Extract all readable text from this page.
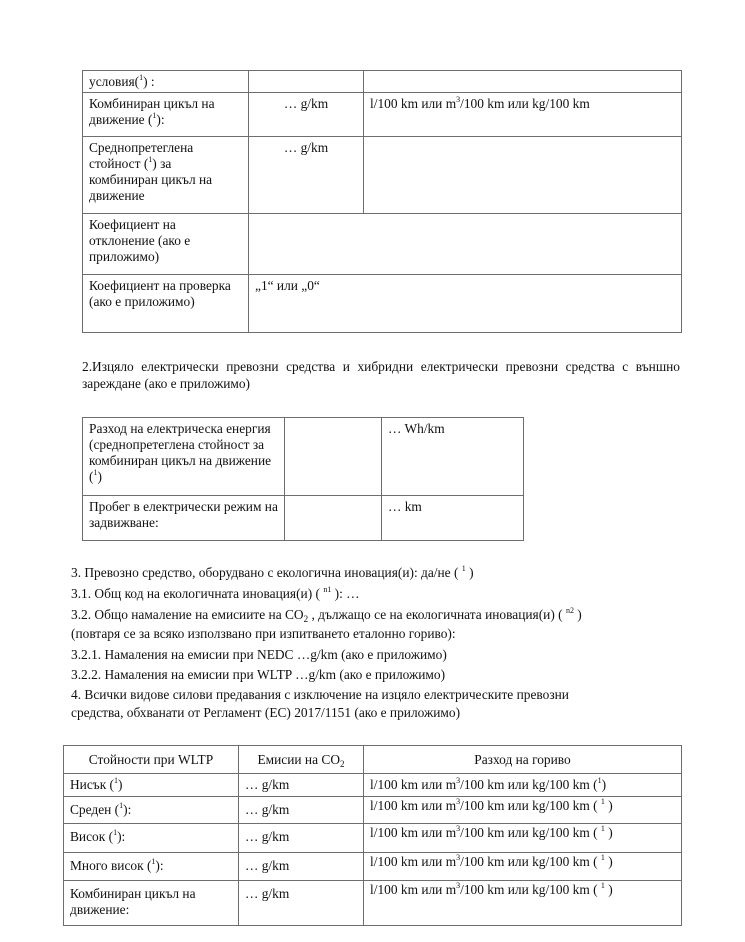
условия($^1$) :		
Комбиниран цикъл на движение ($^1$):	… g/km	l/100 km или $m^3/100$ km или kg/100 km
Среднопретеглена стойност ($^1$) за комбиниран цикъл на движение	… g/km	
Коефициент на отклонение (ако е приложимо)		
Коефициент на проверка (ако е приложимо)	„1“ или „0“	
2.Изцяло електрически превозни средства и хибридни електрически превозни средства с външно зареждане (ако е приложимо)
Разход на електрическа енергия (среднопретеглена стойност за комбиниран цикъл на движение ($^1$)		… Wh/km
Пробег в електрически режим на задвижване:		… km
3. Превозно средство, оборудвано с екологична иновация(и): да/не ( $^1$ )
3.1. Общ код на екологичната иновация(и) ( $^{n1}$ ): …
3.2. Общо намаление на емисиите на $CO_2$ , дължащо се на екологичната иновация(и) ( $^{n2}$ )
(повтаря се за всяко използвано при изпитването еталонно гориво):
3.2.1. Намаления на емисии при NEDC …g/km (ако е приложимо)
3.2.2. Намаления на емисии при WLTP …g/km (ако е приложимо)
4. Всички видове силови предавания с изключение на изцяло електрическите превозни
средства, обхванати от Регламент (ЕС) 2017/1151 (ако е приложимо)
Стойности при WLTP	Емисии на $CO_2$	Разход на гориво
Нисък ($^1$)	… g/km	l/100 km или $m^3/100$ km или kg/100 km ($^1$)
Среден ($^1$):	… g/km	l/100 km или $m^3/100$ km или kg/100 km ( $^1$ )
Висок ($^1$):	… g/km	l/100 km или $m^3/100$ km или kg/100 km ( $^1$ )
Много висок ($^1$):	… g/km	l/100 km или $m^3/100$ km или kg/100 km ( $^1$ )
Комбиниран цикъл на движение:	… g/km	l/100 km или $m^3/100$ km или kg/100 km ( $^1$ )
